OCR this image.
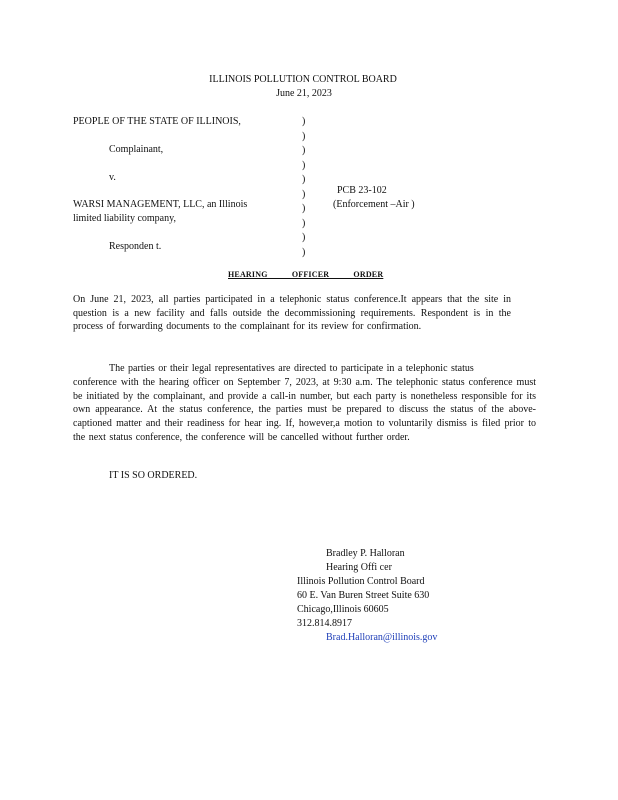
ILLINOIS POLLUTION CONTROL BOARD
June 21, 2023
PEOPLE OF THE STATE OF ILLINOIS,
Complainant,
v.
WARSI MANAGEMENT, LLC, an Illinois
limited liability company,
Responden t.
)
)
)
)
)
)
)
)
)
)
PCB 23-102
(Enforcement –Air )
HEARING OFFICER ORDER
On June 21, 2023, all parties participated in a telephonic status conference.It appears that the site in question is a new facility and falls outside the decommissioning requirements. Respondent is in the process of forwarding documents to the complainant for its review for confirmation.
The parties or their legal representatives are directed to participate in a telephonic status
conference with the hearing officer on September 7, 2023, at 9:30 a.m. The telephonic status conference must be initiated by the complainant, and provide a call-in number, but each party is nonetheless responsible for its own appearance. At the status conference, the parties must be prepared to discuss the status of the above- captioned matter and their readiness for hear ing. If, however,a motion to voluntarily dismiss is filed prior to the next status conference, the conference will be cancelled without further order.
IT IS SO ORDERED.
Bradley P. Halloran
Hearing Offi cer
Illinois Pollution Control Board
60 E. Van Buren Street Suite 630
Chicago,Illinois 60605
312.814.8917
Brad.Halloran@illinois.gov
